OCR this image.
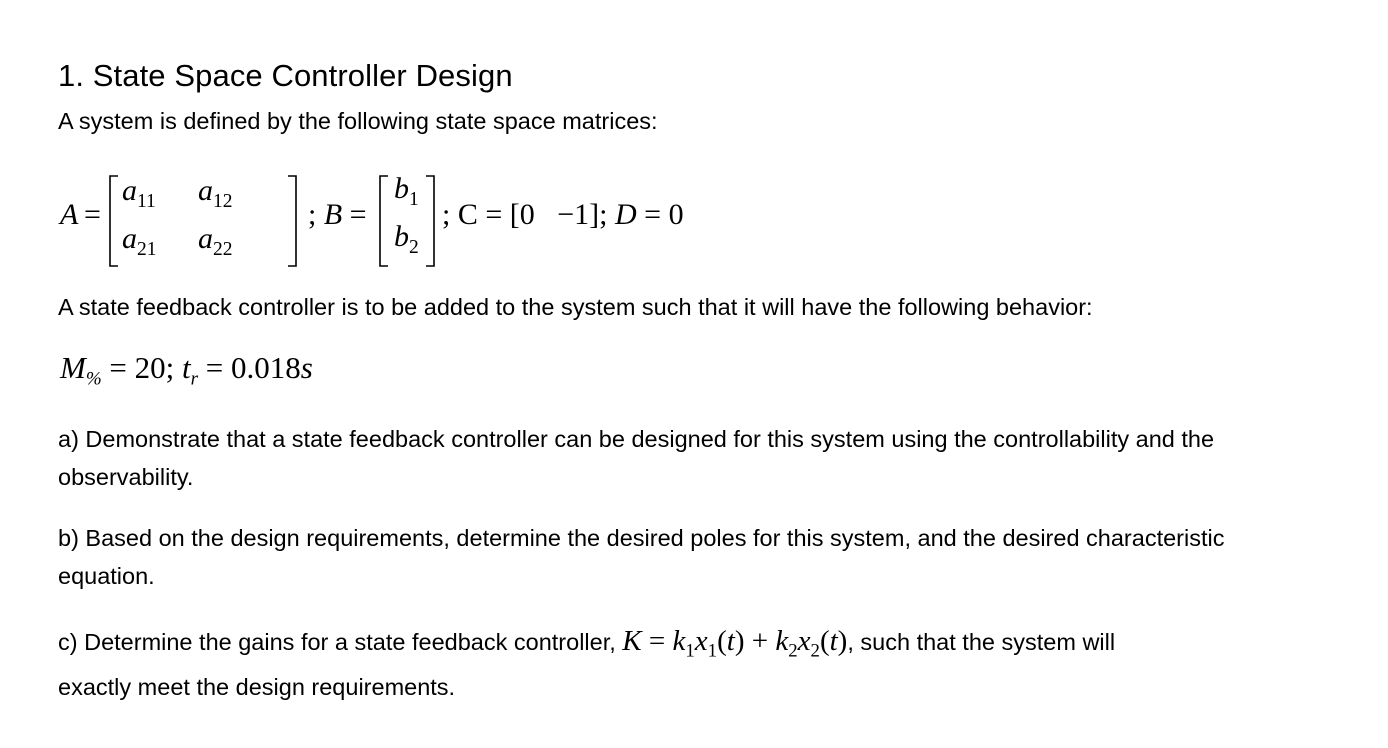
1. State Space Controller Design
A system is defined by the following state space matrices:
A =
$a_{11}$ $a_{12}$
$a_{21}$ $a_{22}$
; B =
$b_1$
$b_2$
; C = [0   −1]; D = 0
A state feedback controller is to be added to the system such that it will have the following behavior:
$M_{\%} = 20$; $t_r = 0.018s$
a) Demonstrate that a state feedback controller can be designed for this system using the controllability and the observability.
b) Based on the design requirements, determine the desired poles for this system, and the desired characteristic equation.
c) Determine the gains for a state feedback controller, $K = k_1x_1(t) + k_2x_2(t)$, such that the system will
exactly meet the design requirements.
